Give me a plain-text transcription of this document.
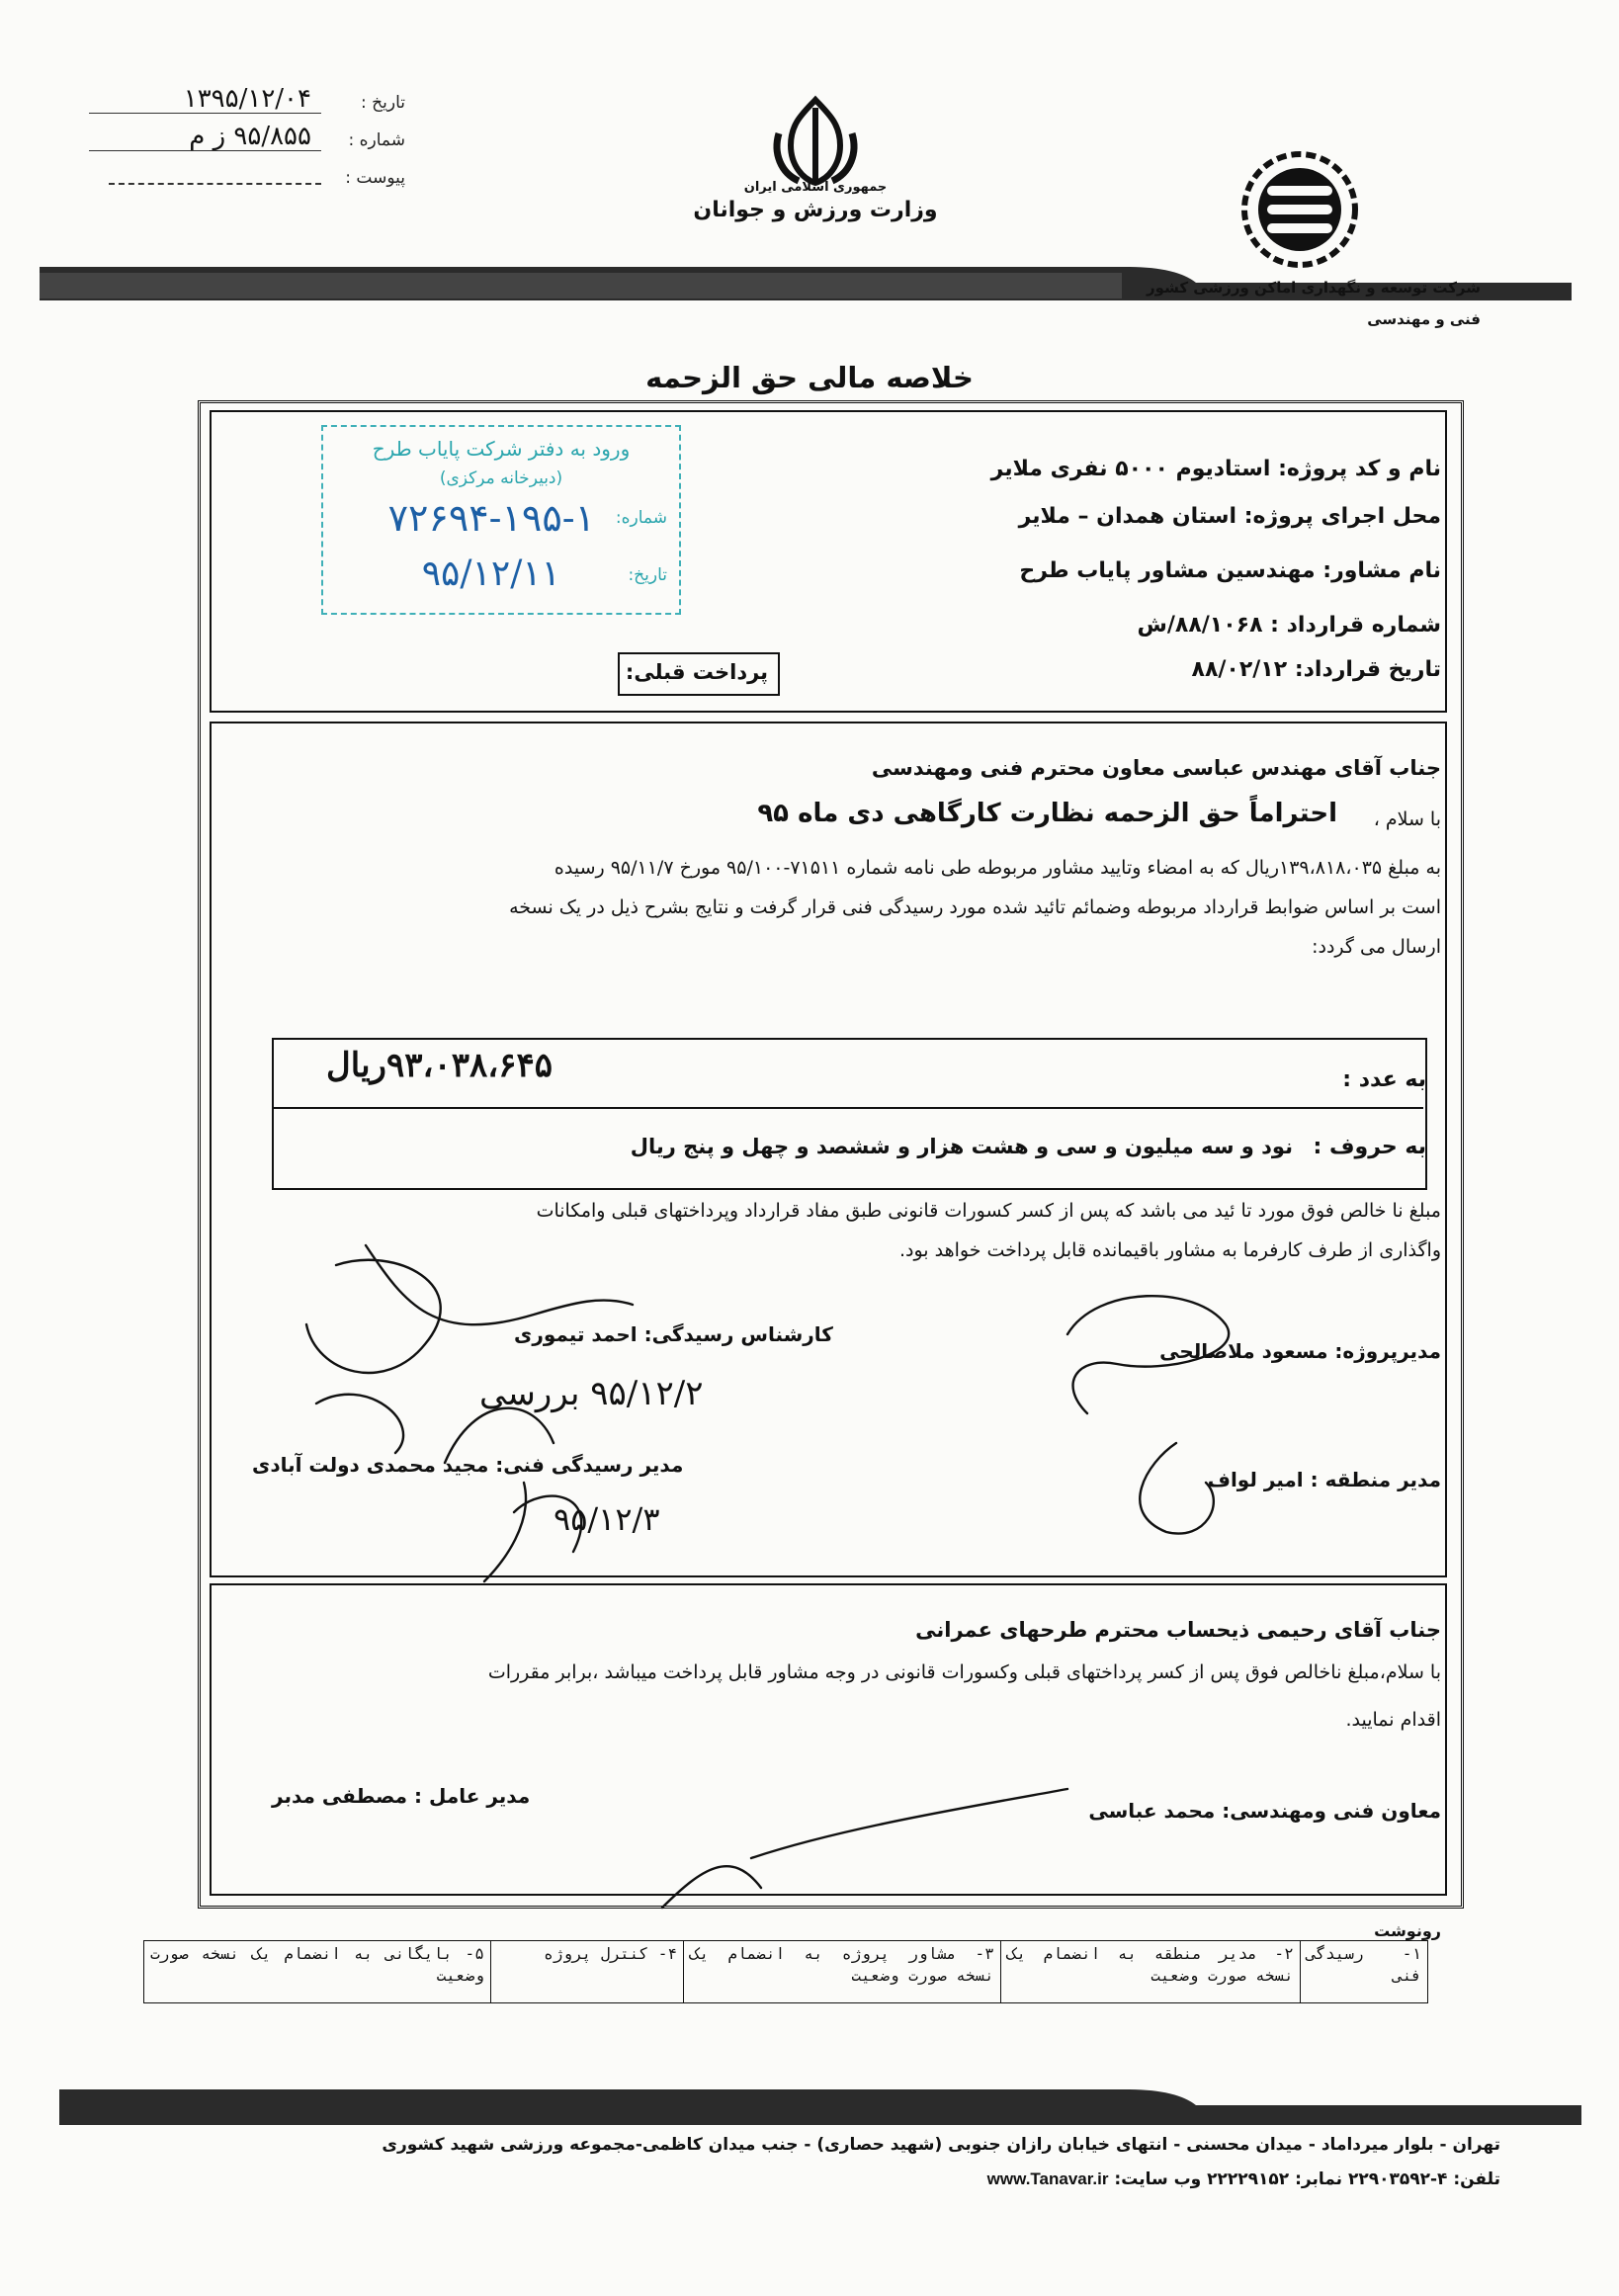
تاریخ :
۱۳۹۵/۱۲/۰۴
شماره :
۹۵/۸۵۵ ز م
پیوست :	جمهوری اسلامی ایران
وزارت ورزش و جوانان
شرکت توسعه و نگهداری اماکن ورزشی کشور
فنی و مهندسی
خلاصه مالی حق الزحمه
نام و کد پروژه: استادیوم ۵۰۰۰ نفری ملایر
محل اجرای پروژه: استان همدان – ملایر
نام مشاور: مهندسین مشاور پایاب طرح
شماره قرارداد : ۸۸/۱۰۶۸/ش
تاریخ قرارداد: ۸۸/۰۲/۱۲
ورود به دفتر شرکت پایاب طرح
(دبیرخانه مرکزی)
شماره:
۷۲۶۹۴-۱۹۵-۱
تاریخ:
۹۵/۱۲/۱۱
پرداخت قبلی:
جناب آقای مهندس عباسی معاون محترم فنی ومهندسی
با سلام ،
احتراماً حق الزحمه نظارت کارگاهی دی ماه ۹۵
به مبلغ ۱۳۹،۸۱۸،۰۳۵ریال که به امضاء وتایید مشاور مربوطه طی نامه شماره ۷۱۵۱۱-۹۵/۱۰۰ مورخ ۹۵/۱۱/۷ رسیده
است بر اساس ضوابط قرارداد مربوطه وضمائم تائید شده مورد رسیدگی فنی قرار گرفت و نتایج بشرح ذیل در یک نسخه
ارسال می گردد:
به عدد :
۹۳،۰۳۸،۶۴۵ریال
به حروف :
نود و سه میلیون و سی و هشت هزار و ششصد و چهل و پنج ریال
مبلغ نا خالص فوق مورد تا ئید می باشد که پس از کسر کسورات قانونی طبق مفاد قرارداد وپرداختهای قبلی وامکانات
واگذاری از طرف کارفرما به مشاور باقیمانده قابل پرداخت خواهد بود.
کارشناس رسیدگی: احمد تیموری
مدیرپروژه: مسعود ملاصالحی
مدیر رسیدگی فنی: مجید محمدی دولت آبادی
مدیر منطقه : امیر لواف
۹۵/۱۲/۲ بررسی
۹۵/۱۲/۳
جناب آقای رحیمی ذیحساب محترم طرحهای عمرانی
با سلام،مبلغ ناخالص فوق پس از کسر پرداختهای قبلی وکسورات قانونی در وجه مشاور قابل پرداخت میباشد ،برابر مقررات
اقدام نمایید.
مدیر عامل : مصطفی مدبر
معاون فنی ومهندسی: محمد عباسی
رونوشت
۱- رسیدگی فنی	۲- مدیر منطقه به انضمام یک نسخه صورت وضعیت	۳- مشاور پروژه به انضمام یک نسخه صورت وضعیت	۴- کنترل پروژه	۵- بایگانی به انضمام یک نسخه صورت وضعیت
تهران - بلوار میرداماد - میدان محسنی - انتهای خیابان رازان جنوبی (شهید حصاری) - جنب میدان کاظمی-مجموعه ورزشی شهید کشوری
تلفن: ۴-۲۲۹۰۳۵۹۲ نمابر: ۲۲۲۲۹۱۵۲ وب سایت: www.Tanavar.ir
